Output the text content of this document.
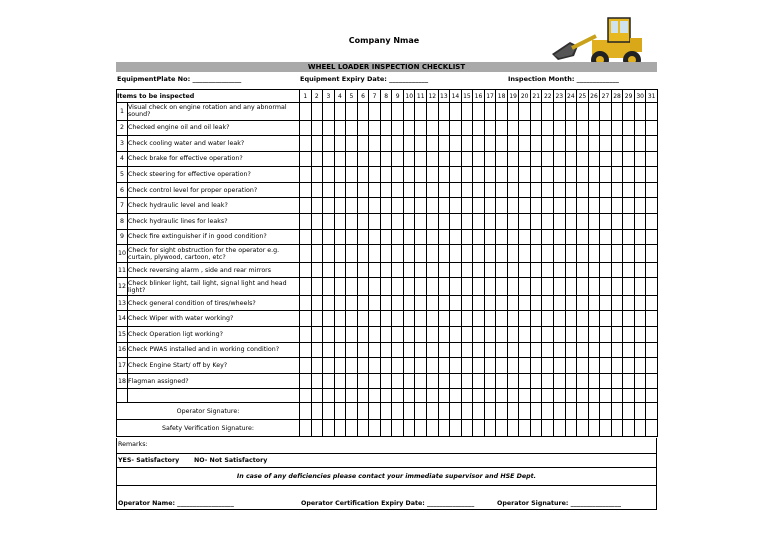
Company Nmae
WHEEL LOADER INSPECTION CHECKLIST
EquipmentPlate No: _______________	Equipment Expiry Date: ____________	Inspection Month: _____________
Items to be inspected		1	2	3	4	5	6	7	8	9	10	11	12	13	14	15	16	17	18	19	20	21	22	23	24	25	26	27	28	29	30	31
1	Visual check on engine rotation and any abnormal sound?																															
2	Checked engine oil and oil leak?																															
3	Check cooling water and water leak?																															
4	Check brake for effective operation?																															
5	Check steering for effective operation?																															
6	Check control level for proper operation?																															
7	Check hydraulic level and leak?																															
8	Check hydraulic lines for leaks?																															
9	Check fire extinguisher if in good condition?																															
10	Check for sight obstruction for the operator e.g. curtain, plywood, cartoon, etc?																															
11	Check reversing alarm , side and rear mirrors																															
12	Check blinker light, tail light, signal light and head light?																															
13	Check general condition of tires/wheels?																															
14	Check Wiper with water working?																															
15	Check Operation ligt working?																															
16	Check PWAS installed and in working condition?																															
17	Check Engine Start/ off by Key?																															
18	Flagman assigned?																															

Operator Signature:																																
Safety Verification Signature:																																
Remarks:
YES- Satisfactory NO- Not Satisfactory
In case of any deficiencies please contact your immediate supervisor and HSE Dept.
Operator Name: __________________	Operator Certification Expiry Date: _______________	Operator Signature: ________________
